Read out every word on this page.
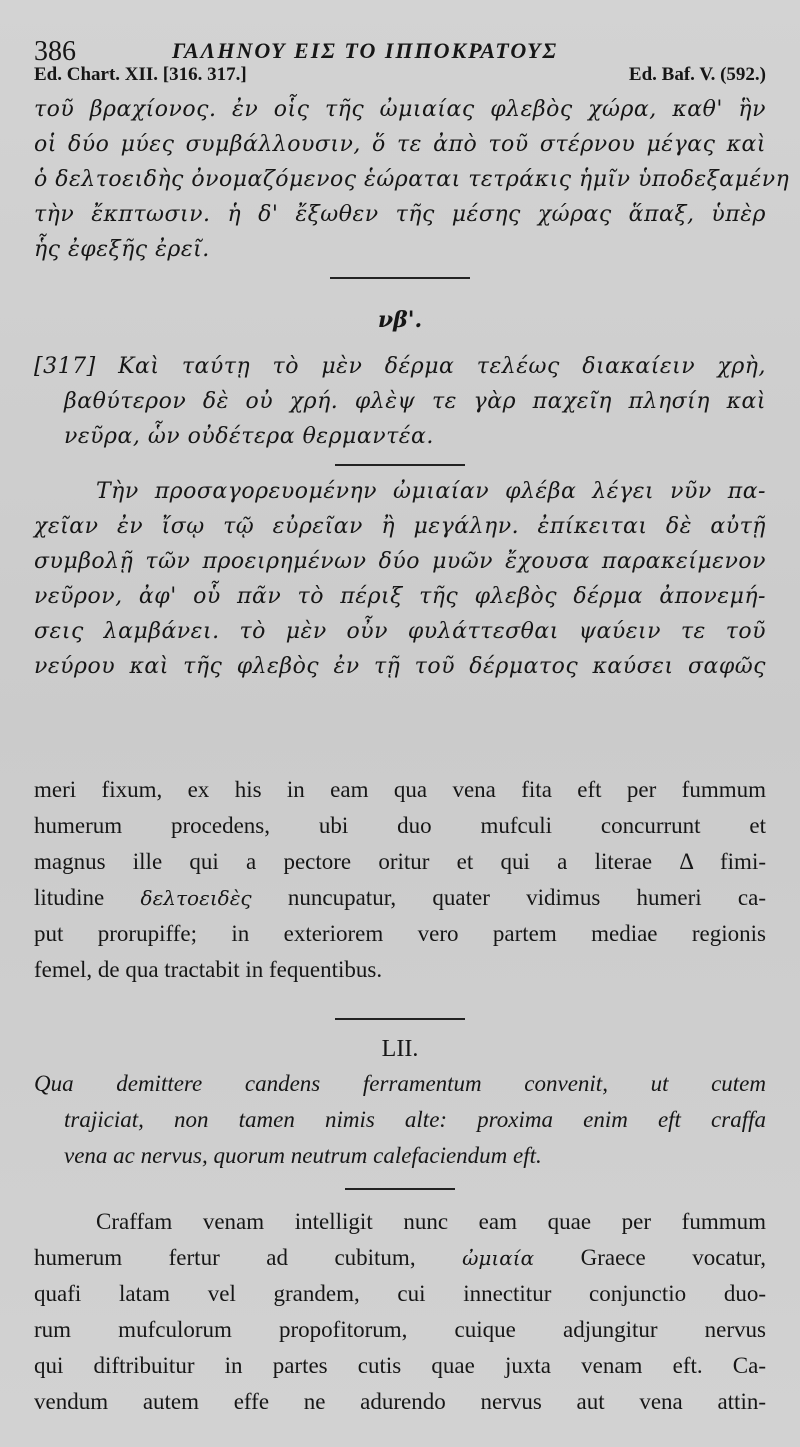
386	ΓΑΛΗΝΟΥ ΕΙΣ ΤΟ ΙΠΠΟΚΡΑΤΟΥΣ
Ed. Chart. XII. [316. 317.]	Ed. Baf. V. (592.)
τοῦ βραχίονος. ἐν οἷς τῆς ὠμιαίας φλεβὸς χώρα, καθ' ἣν
οἱ δύο μύες συμβάλλουσιν, ὅ τε ἀπὸ τοῦ στέρνου μέγας καὶ
ὁ δελτοειδὴς ὀνομαζόμενος ἑώραται τετράκις ἡμῖν ὑποδεξαμένη
τὴν ἔκπτωσιν. ἡ δ' ἔξωθεν τῆς μέσης χώρας ἅπαξ, ὑπὲρ
ἧς ἐφεξῆς ἐρεῖ.
νβ'.
[317] Καὶ ταύτῃ τὸ μὲν δέρμα τελέως διακαίειν χρὴ,
βαθύτερον δὲ οὐ χρή. φλὲψ τε γὰρ παχεῖη πλησίη καὶ
νεῦρα, ὧν οὐδέτερα θερμαντέα.
Τὴν προσαγορευομένην ὠμιαίαν φλέβα λέγει νῦν πα-
χεῖαν ἐν ἴσῳ τῷ εὐρεῖαν ἢ μεγάλην. ἐπίκειται δὲ αὐτῇ
συμβολῇ τῶν προειρημένων δύο μυῶν ἔχουσα παρακείμενον
νεῦρον, ἀφ' οὗ πᾶν τὸ πέριξ τῆς φλεβὸς δέρμα ἀπονεμή-
σεις λαμβάνει. τὸ μὲν οὖν φυλάττεσθαι ψαύειν τε τοῦ
νεύρου καὶ τῆς φλεβὸς ἐν τῇ τοῦ δέρματος καύσει σαφῶς
meri fixum, ex his in eam qua vena fita eft per fummum
humerum procedens, ubi duo mufculi concurrunt et
magnus ille qui a pectore oritur et qui a literae Δ fimi-
litudine δελτοειδὲς nuncupatur, quater vidimus humeri ca-
put prorupiffe; in exteriorem vero partem mediae regionis
femel, de qua tractabit in fequentibus.
LII.
Qua demittere candens ferramentum convenit, ut cutem
trajiciat, non tamen nimis alte: proxima enim eft craffa
vena ac nervus, quorum neutrum calefaciendum eft.
Craffam venam intelligit nunc eam quae per fummum
humerum fertur ad cubitum, ὠμιαία Graece vocatur,
quafi latam vel grandem, cui innectitur conjunctio duo-
rum mufculorum propofitorum, cuique adjungitur nervus
qui diftribuitur in partes cutis quae juxta venam eft. Ca-
vendum autem effe ne adurendo nervus aut vena attin-
